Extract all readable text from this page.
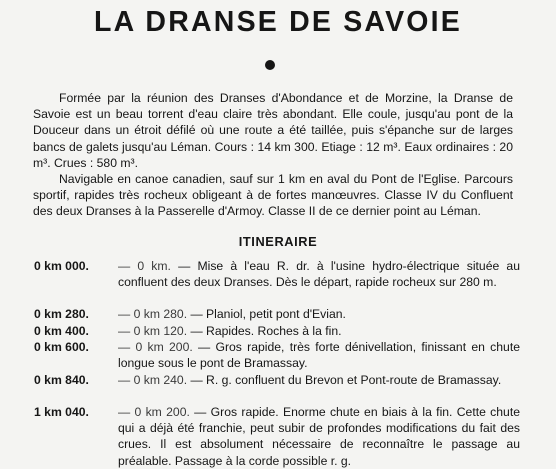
LA DRANSE DE SAVOIE

Formée par la réunion des Dranses d'Abondance et de Morzine, la Dranse de Savoie est un beau torrent d'eau claire très abondant. Elle coule, jusqu'au pont de la Douceur dans un étroit défilé où une route a été taillée, puis s'épanche sur de larges bancs de galets jusqu'au Léman. Cours : 14 km 300. Etiage : 12 m³. Eaux ordinaires : 20 m³. Crues : 580 m³.

Navigable en canoe canadien, sauf sur 1 km en aval du Pont de l'Eglise. Parcours sportif, rapides très rocheux obligeant à de fortes manœuvres. Classe IV du Confluent des deux Dranses à la Passerelle d'Armoy. Classe II de ce dernier point au Léman.

ITINERAIRE
0 km 000.	— 0 km. — Mise à l'eau R. dr. à l'usine hydro-électrique située au confluent des deux Dranses. Dès le départ, rapide rocheux sur 280 m.

0 km 280.	— 0 km 280. — Planiol, petit pont d'Evian.

0 km 400.	— 0 km 120. — Rapides. Roches à la fin.

0 km 600.	— 0 km 200. — Gros rapide, très forte dénivellation, finissant en chute longue sous le pont de Bramassay.

0 km 840.	— 0 km 240. — R. g. confluent du Brevon et Pont-route de Bramassay.

1 km 040.	— 0 km 200. — Gros rapide. Enorme chute en biais à la fin. Cette chute qui a déjà été franchie, peut subir de profondes modifications du fait des crues. Il est absolument nécessaire de reconnaître le passage au préalable. Passage à la corde possible r. g.
